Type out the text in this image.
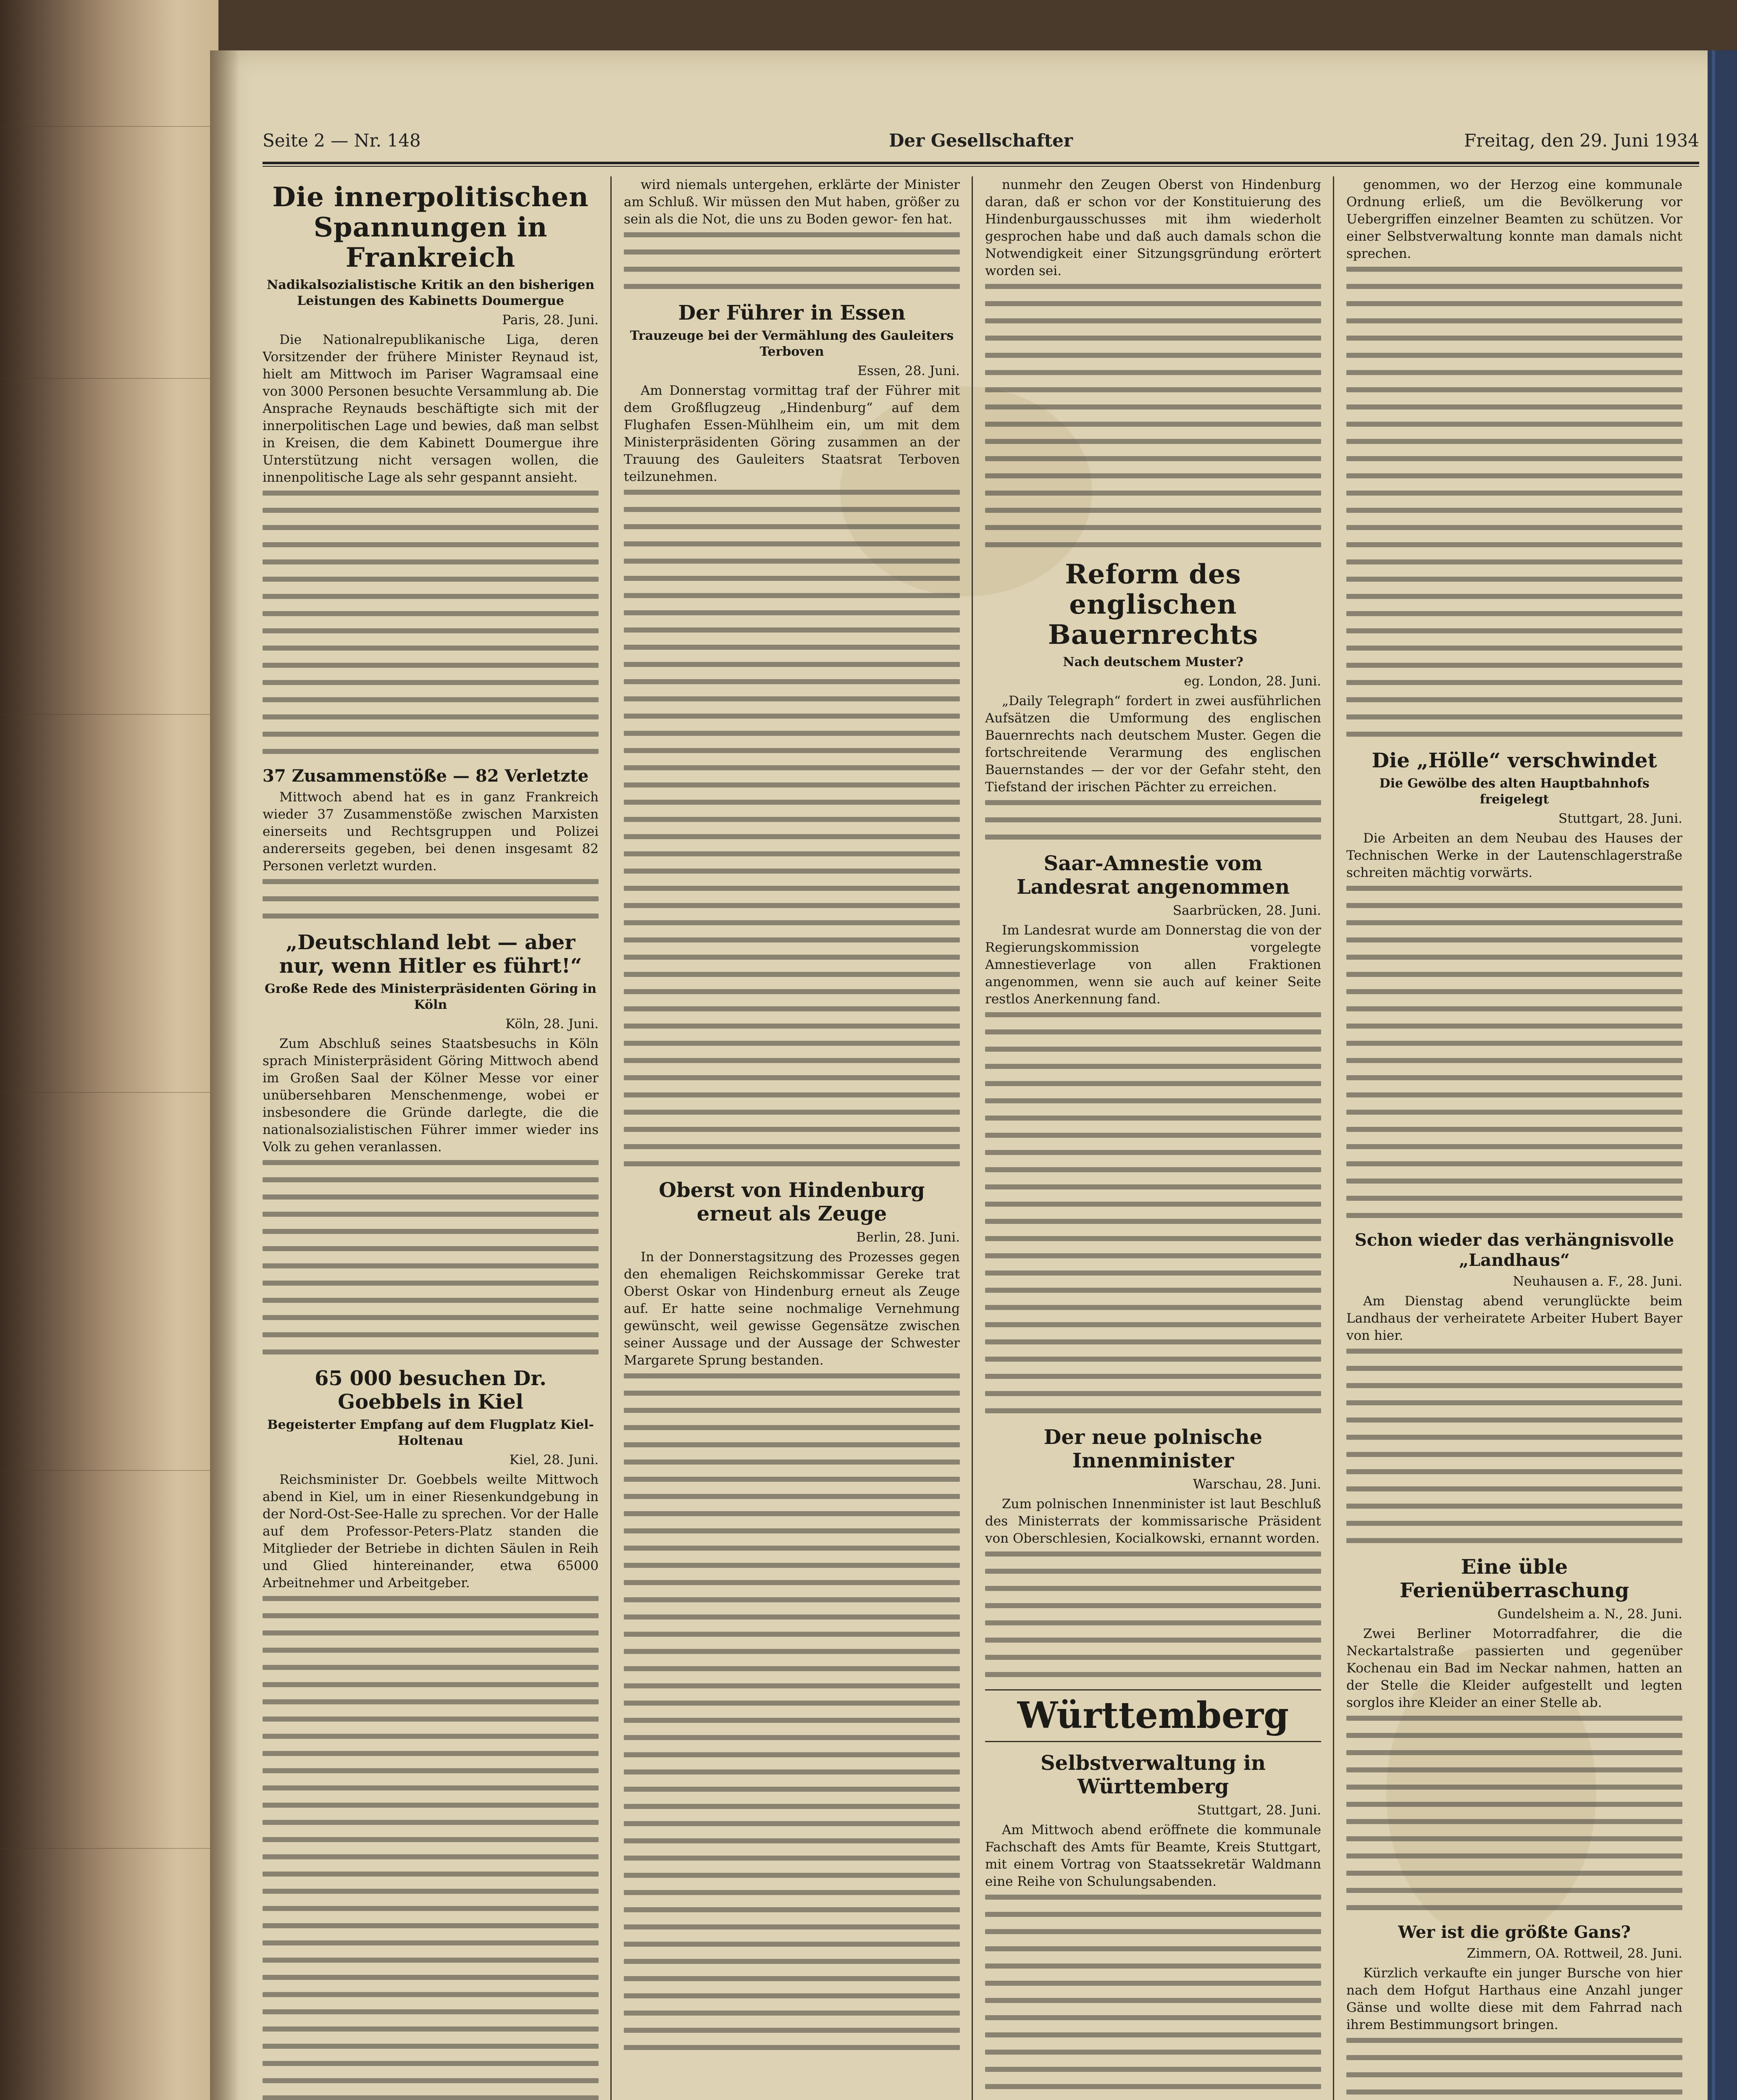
Seite 2 — Nr. 148	Der Gesellschafter	Freitag, den 29. Juni 1934
Die innerpolitischen Spannungen in Frankreich
Nadikalsozialistische Kritik an den bisherigen Leistungen des Kabinetts Doumergue
Paris, 28. Juni.

Die Nationalrepublikanische Liga, deren Vorsitzender der frühere Minister Reynaud ist, hielt am Mittwoch im Pariser Wagramsaal eine von 3000 Personen besuchte Versammlung ab. Die Ansprache Reynauds beschäftigte sich mit der innerpolitischen Lage und bewies, daß man selbst in Kreisen, die dem Kabinett Doumergue ihre Unterstützung nicht versagen wollen, die innenpolitische Lage als sehr gespannt ansieht.

37 Zusammenstöße — 82 Verletzte

Mittwoch abend hat es in ganz Frankreich wieder 37 Zusammenstöße zwischen Marxisten einerseits und Rechtsgruppen und Polizei andererseits gegeben, bei denen insgesamt 82 Personen verletzt wurden.

„Deutschland lebt — aber nur, wenn Hitler es führt!“
Große Rede des Ministerpräsidenten Göring in Köln
Köln, 28. Juni.

Zum Abschluß seines Staatsbesuchs in Köln sprach Ministerpräsident Göring Mittwoch abend im Großen Saal der Kölner Messe vor einer unübersehbaren Menschenmenge, wobei er insbesondere die Gründe darlegte, die die nationalsozialistischen Führer immer wieder ins Volk zu gehen veranlassen.

65 000 besuchen Dr. Goebbels in Kiel
Begeisterter Empfang auf dem Flugplatz Kiel-Holtenau
Kiel, 28. Juni.

Reichsminister Dr. Goebbels weilte Mittwoch abend in Kiel, um in einer Riesenkundgebung in der Nord-Ost-See-Halle zu sprechen. Vor der Halle auf dem Professor-Peters-Platz standen die Mitglieder der Betriebe in dichten Säulen in Reih und Glied hintereinander, etwa 65000 Arbeitnehmer und Arbeitgeber.

wird niemals untergehen, erklärte der Minister am Schluß. Wir müssen den Mut haben, größer zu sein als die Not, die uns zu Boden gewor- fen hat.

Der Führer in Essen
Trauzeuge bei der Vermählung des Gauleiters Terboven
Essen, 28. Juni.

Am Donnerstag vormittag traf der Führer mit dem Großflugzeug „Hindenburg“ auf dem Flughafen Essen-Mühlheim ein, um mit dem Ministerpräsidenten Göring zusammen an der Trauung des Gauleiters Staatsrat Terboven teilzunehmen.

Oberst von Hindenburg erneut als Zeuge
Berlin, 28. Juni.

In der Donnerstagsitzung des Prozesses gegen den ehemaligen Reichskommissar Gereke trat Oberst Oskar von Hindenburg erneut als Zeuge auf. Er hatte seine nochmalige Vernehmung gewünscht, weil gewisse Gegensätze zwischen seiner Aussage und der Aussage der Schwester Margarete Sprung bestanden.

nunmehr den Zeugen Oberst von Hindenburg daran, daß er schon vor der Konstituierung des Hindenburgausschusses mit ihm wiederholt gesprochen habe und daß auch damals schon die Notwendigkeit einer Sitzungsgründung erörtert worden sei.

Reform des englischen Bauernrechts
Nach deutschem Muster?
eg. London, 28. Juni.

„Daily Telegraph“ fordert in zwei ausführlichen Aufsätzen die Umformung des englischen Bauernrechts nach deutschem Muster. Gegen die fortschreitende Verarmung des englischen Bauernstandes — der vor der Gefahr steht, den Tiefstand der irischen Pächter zu erreichen.

Saar-Amnestie vom Landesrat angenommen
Saarbrücken, 28. Juni.

Im Landesrat wurde am Donnerstag die von der Regierungskommission vorgelegte Amnestieverlage von allen Fraktionen angenommen, wenn sie auch auf keiner Seite restlos Anerkennung fand.

Der neue polnische Innenminister
Warschau, 28. Juni.

Zum polnischen Innenminister ist laut Beschluß des Ministerrats der kommissarische Präsident von Oberschlesien, Kocialkowski, ernannt worden.

Württemberg
Selbstverwaltung in Württemberg
Stuttgart, 28. Juni.

Am Mittwoch abend eröffnete die kommunale Fachschaft des Amts für Beamte, Kreis Stuttgart, mit einem Vortrag von Staatssekretär Waldmann eine Reihe von Schulungsabenden.

genommen, wo der Herzog eine kommunale Ordnung erließ, um die Bevölkerung vor Uebergriffen einzelner Beamten zu schützen. Vor einer Selbstverwaltung konnte man damals nicht sprechen.

Die „Hölle“ verschwindet
Die Gewölbe des alten Hauptbahnhofs freigelegt
Stuttgart, 28. Juni.

Die Arbeiten an dem Neubau des Hauses der Technischen Werke in der Lautenschlagerstraße schreiten mächtig vorwärts.

Schon wieder das verhängnisvolle „Landhaus“
Neuhausen a. F., 28. Juni.

Am Dienstag abend verunglückte beim Landhaus der verheiratete Arbeiter Hubert Bayer von hier.

Eine üble Ferienüberraschung
Gundelsheim a. N., 28. Juni.

Zwei Berliner Motorradfahrer, die die Neckartalstraße passierten und gegenüber Kochenau ein Bad im Neckar nahmen, hatten an der Stelle die Kleider aufgestellt und legten sorglos ihre Kleider an einer Stelle ab.

Wer ist die größte Gans?
Zimmern, OA. Rottweil, 28. Juni.

Kürzlich verkaufte ein junger Bursche von hier nach dem Hofgut Harthaus eine Anzahl junger Gänse und wollte diese mit dem Fahrrad nach ihrem Bestimmungsort bringen.
